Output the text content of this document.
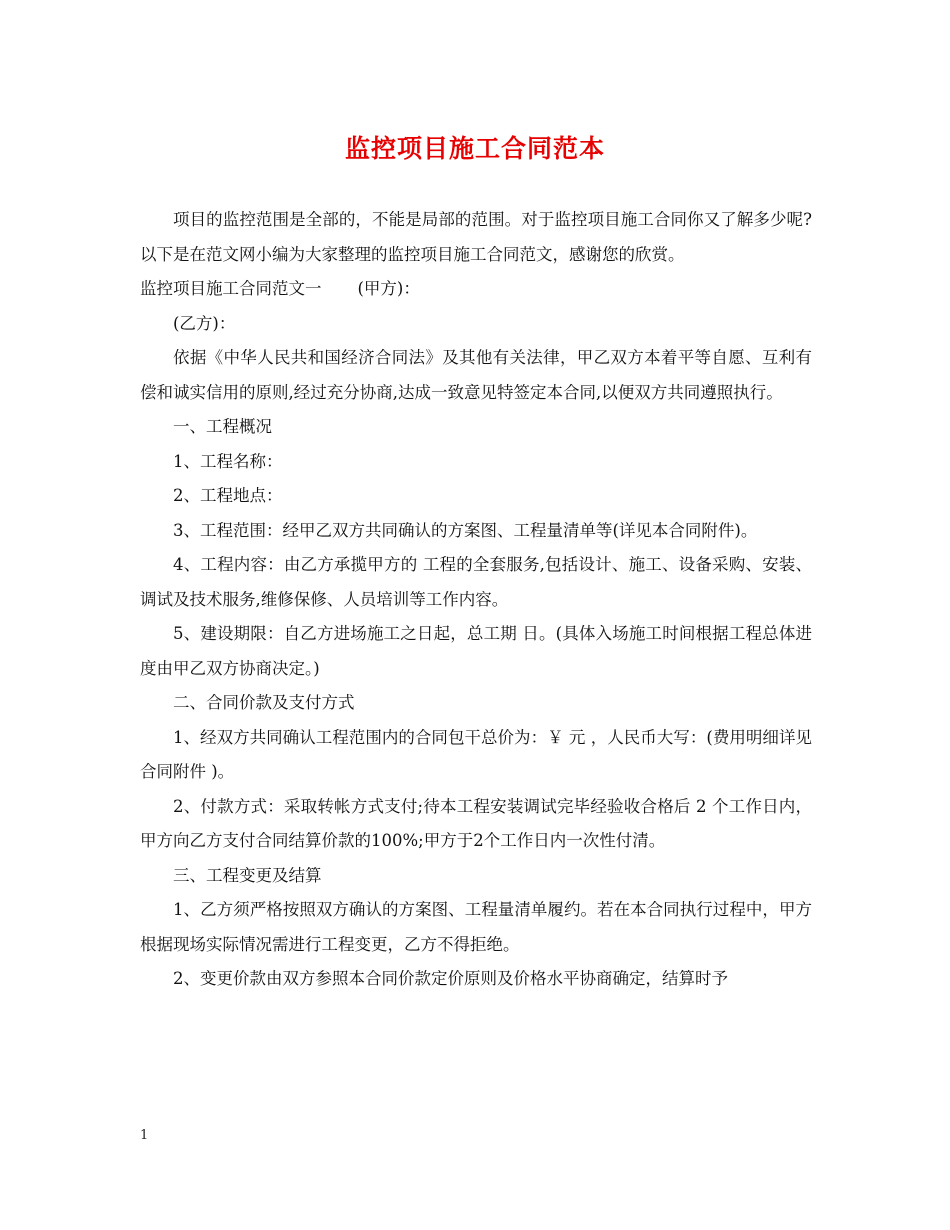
监控项目施工合同范本

项目的监控范围是全部的，不能是局部的范围。对于监控项目施工合同你又了解多少呢?以下是在范文网小编为大家整理的监控项目施工合同范文，感谢您的欣赏。

监控项目施工合同范文一 (甲方)：

(乙方)：

依据《中华人民共和国经济合同法》及其他有关法律，甲乙双方本着平等自愿、互利有偿和诚实信用的原则,经过充分协商,达成一致意见特签定本合同,以便双方共同遵照执行。

一、工程概况

1、工程名称：

2、工程地点：

3、工程范围：经甲乙双方共同确认的方案图、工程量清单等(详见本合同附件)。

4、工程内容：由乙方承揽甲方的 工程的全套服务,包括设计、施工、设备采购、安装、调试及技术服务,维修保修、人员培训等工作内容。

5、建设期限：自乙方进场施工之日起，总工期 日。(具体入场施工时间根据工程总体进度由甲乙双方协商决定。)

二、合同价款及支付方式

1、经双方共同确认工程范围内的合同包干总价为：￥ 元 ，人民币大写：(费用明细详见合同附件 )。

2、付款方式：采取转帐方式支付;待本工程安装调试完毕经验收合格后 2 个工作日内，甲方向乙方支付合同结算价款的100%;甲方于2个工作日内一次性付清。

三、工程变更及结算

1、乙方须严格按照双方确认的方案图、工程量清单履约。若在本合同执行过程中，甲方根据现场实际情况需进行工程变更，乙方不得拒绝。

2、变更价款由双方参照本合同价款定价原则及价格水平协商确定，结算时予

1
